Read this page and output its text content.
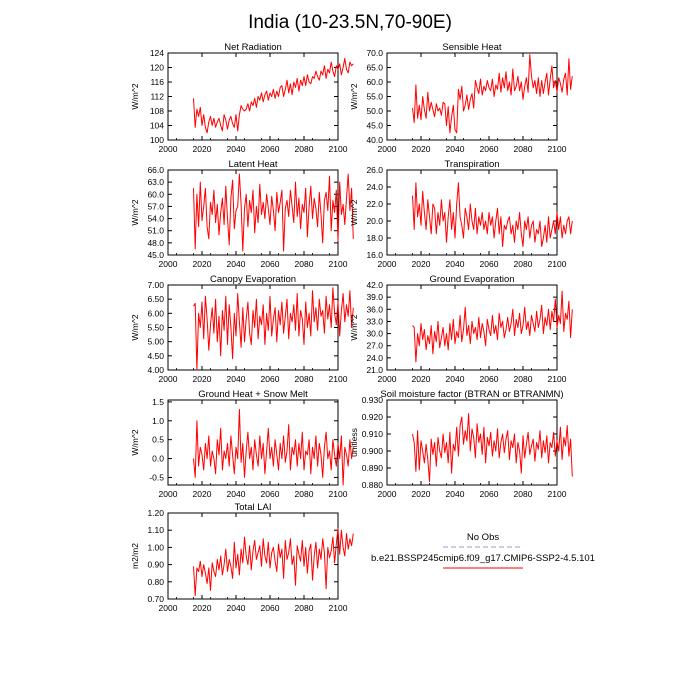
India (10-23.5N,70-90E)
2000 2020 2040 2060 2080 2100
100
104
108
112
116
120
124	Net Radiation
W/m^2
2000 2020 2040 2060 2080 2100
40.0
45.0
50.0
55.0
60.0
65.0
70.0	Sensible Heat
W/m^2
2000 2020 2040 2060 2080 2100
45.0
48.0
51.0
54.0
57.0
60.0
63.0
66.0	Latent Heat
W/m^2
2000 2020 2040 2060 2080 2100
16.0
18.0
20.0
22.0
24.0
26.0	Transpiration
W/m^2
2000 2020 2040 2060 2080 2100
4.00
4.50
5.00
5.50
6.00
6.50
7.00	Canopy Evaporation
W/m^2
2000 2020 2040 2060 2080 2100
21.0
24.0
27.0
30.0
33.0
36.0
39.0
42.0	Ground Evaporation
W/m^2
2000 2020 2040 2060 2080 2100
-0.5
0.0
0.5
1.0
1.5
Ground Heat + Snow Melt
W/m^2
2000 2020 2040 2060 2080 2100
0.880
0.890
0.900
0.910
0.920
0.930
Soil moisture factor (BTRAN or BTRANMN)
unitless
2000 2020 2040 2060 2080 2100
0.70
0.80
0.90
1.00
1.10
1.20	Total LAI
m2/m2
No Obs
b.e21.BSSP245cmip6.f09_g17.CMIP6-SSP2-4.5.101
